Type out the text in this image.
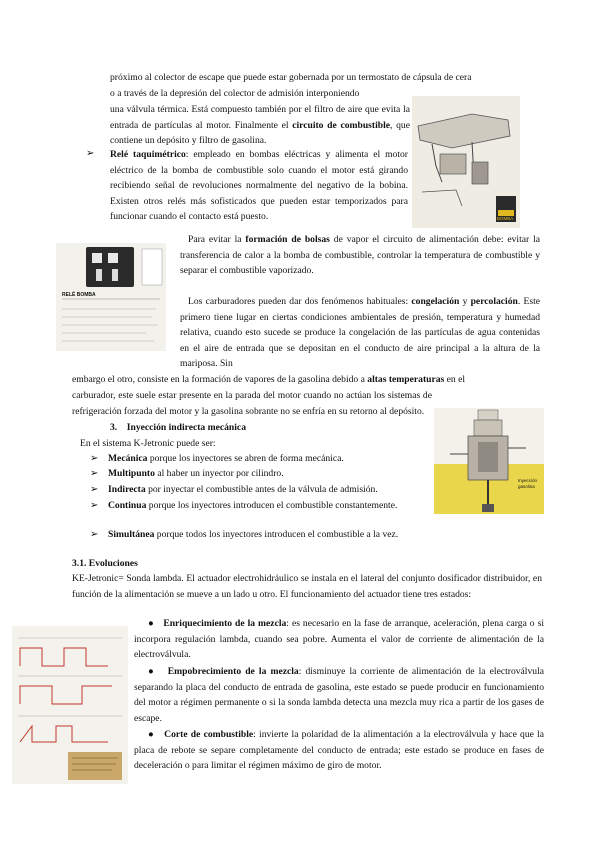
próximo al colector de escape que puede estar gobernada por un termostato de cápsula de cera
o a través de la depresión del colector de admisión interponiendo
una válvula térmica. Está compuesto también por el filtro de aire que evita la entrada de partículas al motor. Finalmente el circuito de combustible, que contiene un depósito y filtro de gasolina.
➢ Relé taquimétrico: empleado en bombas eléctricas y alimenta el motor eléctrico de la bomba de combustible solo cuando el motor está girando recibiendo señal de revoluciones normalmente del negativo de la bobina. Existen otros relés más sofisticados que pueden estar temporizados para funcionar cuando el contacto está puesto.
RELÉ BOMBA
Para evitar la formación de bolsas de vapor el circuito de alimentación debe: evitar la transferencia de calor a la bomba de combustible, controlar la temperatura de combustible y separar el combustible vaporizado.
Los carburadores pueden dar dos fenómenos habituales: congelación y percolación. Este primero tiene lugar en ciertas condiciones ambientales de presión, temperatura y humedad relativa, cuando esto sucede se produce la congelación de las partículas de agua contenidas en el aire de entrada que se depositan en el conducto de aire principal a la altura de la mariposa. Sin
embargo el otro, consiste en la formación de vapores de la gasolina debido a altas temperaturas en el
carburador, este suele estar presente en la parada del motor cuando no actúan los sistemas de refrigeración forzada del motor y la gasolina sobrante no se enfría en su retorno al depósito.
Inyección
gasolina
3. Inyección indirecta mecánica
En el sistema K-Jetronic puede ser:
➢ Mecánica porque los inyectores se abren de forma mecánica.
➢ Multipunto al haber un inyector por cilindro.
➢ Indirecta por inyectar el combustible antes de la válvula de admisión.
➢ Continua porque los inyectores introducen el combustible constantemente.
➢ Simultánea porque todos los inyectores introducen el combustible a la vez.
3.1. Evoluciones
KE-Jetronic= Sonda lambda. El actuador electrohidráulico se instala en el lateral del conjunto dosificador distribuidor, en función de la alimentación se mueve a un lado u otro. El funcionamiento del actuador tiene tres estados:
●   Enriquecimiento de la mezcla: es necesario en la fase de arranque, aceleración, plena carga o si incorpora regulación lambda, cuando sea pobre. Aumenta el valor de corriente de alimentación de la electroválvula.
●   Empobrecimiento de la mezcla: disminuye la corriente de alimentación de la electroválvula separando la placa del conducto de entrada de gasolina, este estado se puede producir en funcionamiento del motor a régimen permanente o si la sonda lambda detecta una mezcla muy rica a partir de los gases de escape.
●   Corte de combustible: invierte la polaridad de la alimentación a la electroválvula y hace que la placa de rebote se separe completamente del conducto de entrada; este estado se produce en fases de deceleración o para limitar el régimen máximo de giro de motor.
BOMBA
